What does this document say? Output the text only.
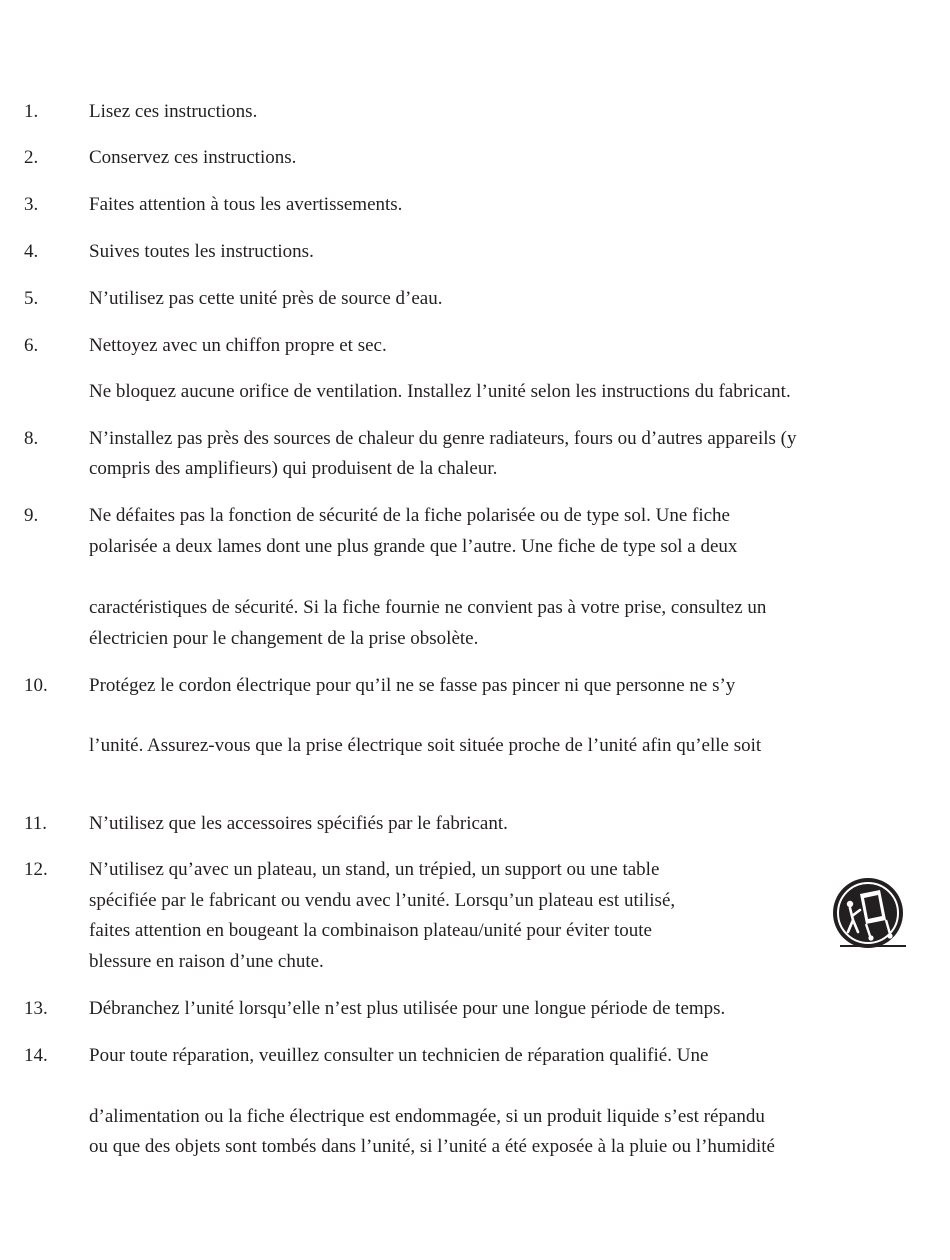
1.
2.
3.
4.
5.
6.
8.
9.
10.
11.
12.
13.
14.
Lisez ces instructions.
Conservez ces instructions.
Faites attention à tous les avertissements.
Suives toutes les instructions.
N’utilisez pas cette unité près de source d’eau.
Nettoyez avec un chiffon propre et sec.
Ne bloquez aucune orifice de ventilation. Installez l’unité selon les instructions du fabricant.
N’installez pas près des sources de chaleur du genre radiateurs, fours ou d’autres appareils (y
compris des amplifieurs) qui produisent de la chaleur.
Ne défaites pas la fonction de sécurité de la fiche polarisée ou de type sol. Une fiche
polarisée a deux lames dont une plus grande que l’autre. Une fiche de type sol a deux
caractéristiques de sécurité. Si la fiche fournie ne convient pas à votre prise, consultez un
électricien pour le changement de la prise obsolète.
Protégez le cordon électrique pour qu’il ne se fasse pas pincer ni que personne ne s’y
l’unité. Assurez-vous que la prise électrique soit située proche de l’unité afin qu’elle soit
N’utilisez que les accessoires spécifiés par le fabricant.
N’utilisez qu’avec un plateau, un stand, un trépied, un support ou une table
spécifiée par le fabricant ou vendu avec l’unité. Lorsqu’un plateau est utilisé,
faites attention en bougeant la combinaison plateau/unité pour éviter toute
blessure en raison d’une chute.
Débranchez l’unité lorsqu’elle n’est plus utilisée pour une longue période de temps.
Pour toute réparation, veuillez consulter un technicien de réparation qualifié. Une
d’alimentation ou la fiche électrique est endommagée, si un produit liquide s’est répandu
ou que des objets sont tombés dans l’unité, si l’unité a été exposée à la pluie ou l’humidité
